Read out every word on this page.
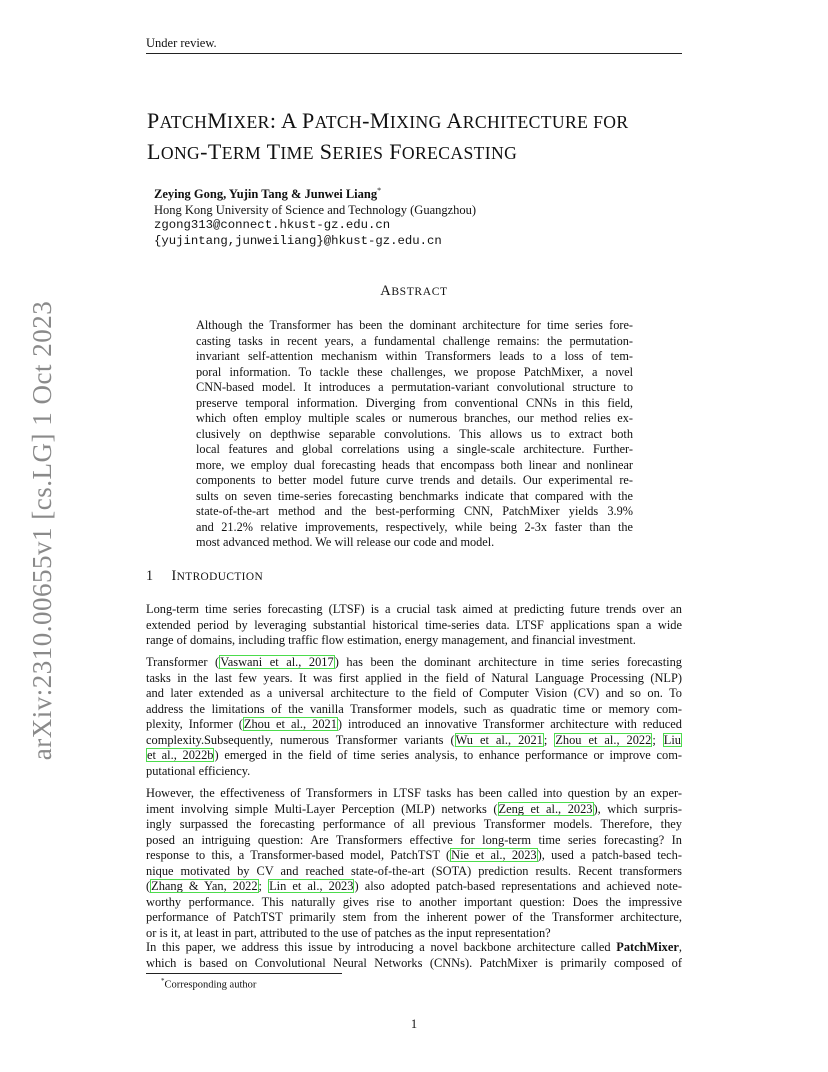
Under review.
arXiv:2310.00655v1 [cs.LG] 1 Oct 2023
PATCHMIXER: A PATCH-MIXING ARCHITECTURE FOR
LONG-TERM TIME SERIES FORECASTING
Zeying Gong, Yujin Tang & Junwei Liang*
Hong Kong University of Science and Technology (Guangzhou)
zgong313@connect.hkust-gz.edu.cn
{yujintang,junweiliang}@hkust-gz.edu.cn
ABSTRACT
Although the Transformer has been the dominant architecture for time series fore-
casting tasks in recent years, a fundamental challenge remains: the permutation-
invariant self-attention mechanism within Transformers leads to a loss of tem-
poral information. To tackle these challenges, we propose PatchMixer, a novel
CNN-based model. It introduces a permutation-variant convolutional structure to
preserve temporal information. Diverging from conventional CNNs in this field,
which often employ multiple scales or numerous branches, our method relies ex-
clusively on depthwise separable convolutions. This allows us to extract both
local features and global correlations using a single-scale architecture. Further-
more, we employ dual forecasting heads that encompass both linear and nonlinear
components to better model future curve trends and details. Our experimental re-
sults on seven time-series forecasting benchmarks indicate that compared with the
state-of-the-art method and the best-performing CNN, PatchMixer yields 3.9%
and 21.2% relative improvements, respectively, while being 2-3x faster than the
most advanced method. We will release our code and model.
1 INTRODUCTION
Long-term time series forecasting (LTSF) is a crucial task aimed at predicting future trends over an
extended period by leveraging substantial historical time-series data. LTSF applications span a wide
range of domains, including traffic flow estimation, energy management, and financial investment.
Transformer (Vaswani et al., 2017) has been the dominant architecture in time series forecasting
tasks in the last few years. It was first applied in the field of Natural Language Processing (NLP)
and later extended as a universal architecture to the field of Computer Vision (CV) and so on. To
address the limitations of the vanilla Transformer models, such as quadratic time or memory com-
plexity, Informer (Zhou et al., 2021) introduced an innovative Transformer architecture with reduced
complexity.Subsequently, numerous Transformer variants (Wu et al., 2021; Zhou et al., 2022; Liu
et al., 2022b) emerged in the field of time series analysis, to enhance performance or improve com-
putational efficiency.
However, the effectiveness of Transformers in LTSF tasks has been called into question by an exper-
iment involving simple Multi-Layer Perception (MLP) networks (Zeng et al., 2023), which surpris-
ingly surpassed the forecasting performance of all previous Transformer models. Therefore, they
posed an intriguing question: Are Transformers effective for long-term time series forecasting? In
response to this, a Transformer-based model, PatchTST (Nie et al., 2023), used a patch-based tech-
nique motivated by CV and reached state-of-the-art (SOTA) prediction results. Recent transformers
(Zhang & Yan, 2022; Lin et al., 2023) also adopted patch-based representations and achieved note-
worthy performance. This naturally gives rise to another important question: Does the impressive
performance of PatchTST primarily stem from the inherent power of the Transformer architecture,
or is it, at least in part, attributed to the use of patches as the input representation?
In this paper, we address this issue by introducing a novel backbone architecture called PatchMixer,
which is based on Convolutional Neural Networks (CNNs). PatchMixer is primarily composed of
*Corresponding author
1
